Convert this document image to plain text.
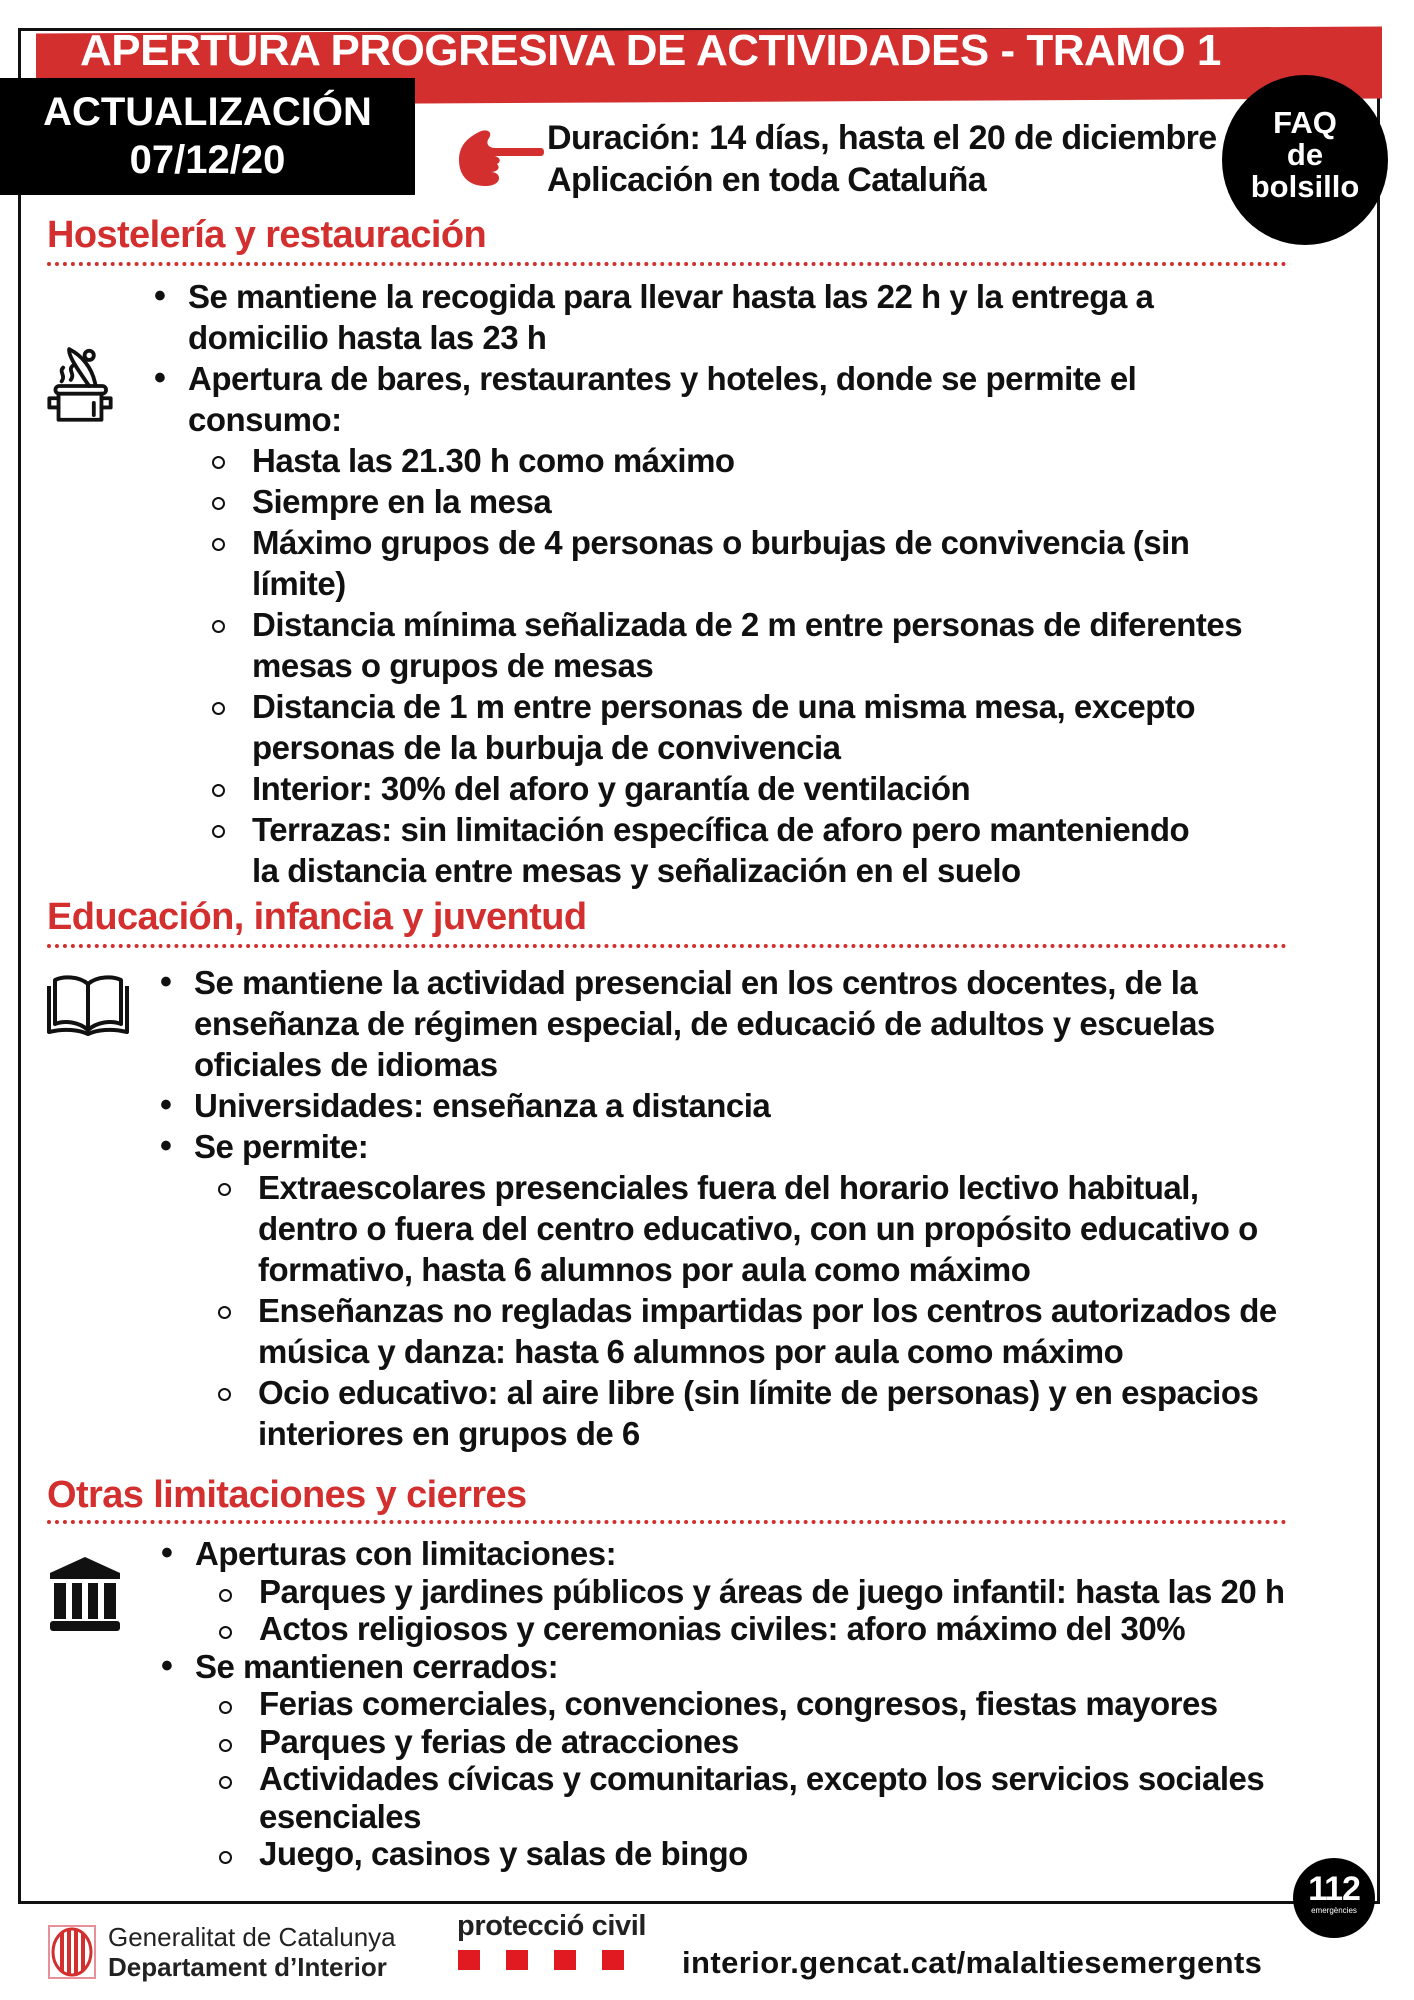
APERTURA PROGRESIVA DE ACTIVIDADES - TRAMO 1
ACTUALIZACIÓN
07/12/20	Duración: 14 días, hasta el 20 de diciembre
Aplicación en toda Cataluña
FAQ
de
bolsillo
Hostelería y restauración
• Se mantiene la recogida para llevar hasta las 22 h y la entrega a
domicilio hasta las 23 h
• Apertura de bares, restaurantes y hoteles, donde se permite el
consumo:
Hasta las 21.30 h como máximo
Siempre en la mesa
Máximo grupos de 4 personas o burbujas de convivencia (sin
límite)
Distancia mínima señalizada de 2 m entre personas de diferentes
mesas o grupos de mesas
Distancia de 1 m entre personas de una misma mesa, excepto
personas de la burbuja de convivencia
Interior: 30% del aforo y garantía de ventilación
Terrazas: sin limitación específica de aforo pero manteniendo
la distancia entre mesas y señalización en el suelo
Educación, infancia y juventud
• Se mantiene la actividad presencial en los centros docentes, de la
enseñanza de régimen especial, de educació de adultos y escuelas
oficiales de idiomas
• Universidades: enseñanza a distancia
• Se permite:
Extraescolares presenciales fuera del horario lectivo habitual,
dentro o fuera del centro educativo, con un propósito educativo o
formativo, hasta 6 alumnos por aula como máximo
Enseñanzas no regladas impartidas por los centros autorizados de
música y danza: hasta 6 alumnos por aula como máximo
Ocio educativo: al aire libre (sin límite de personas) y en espacios
interiores en grupos de 6
Otras limitaciones y cierres
• Aperturas con limitaciones:
Parques y jardines públicos y áreas de juego infantil: hasta las 20 h
Actos religiosos y ceremonias civiles: aforo máximo del 30%
• Se mantienen cerrados:
Ferias comerciales, convenciones, congresos, fiestas mayores
Parques y ferias de atracciones
Actividades cívicas y comunitarias, excepto los servicios sociales
esenciales
Juego, casinos y salas de bingo
Generalitat de Catalunya
Departament d’Interior
protecció civil
interior.gencat.cat/malaltiesemergents
112
emergències
